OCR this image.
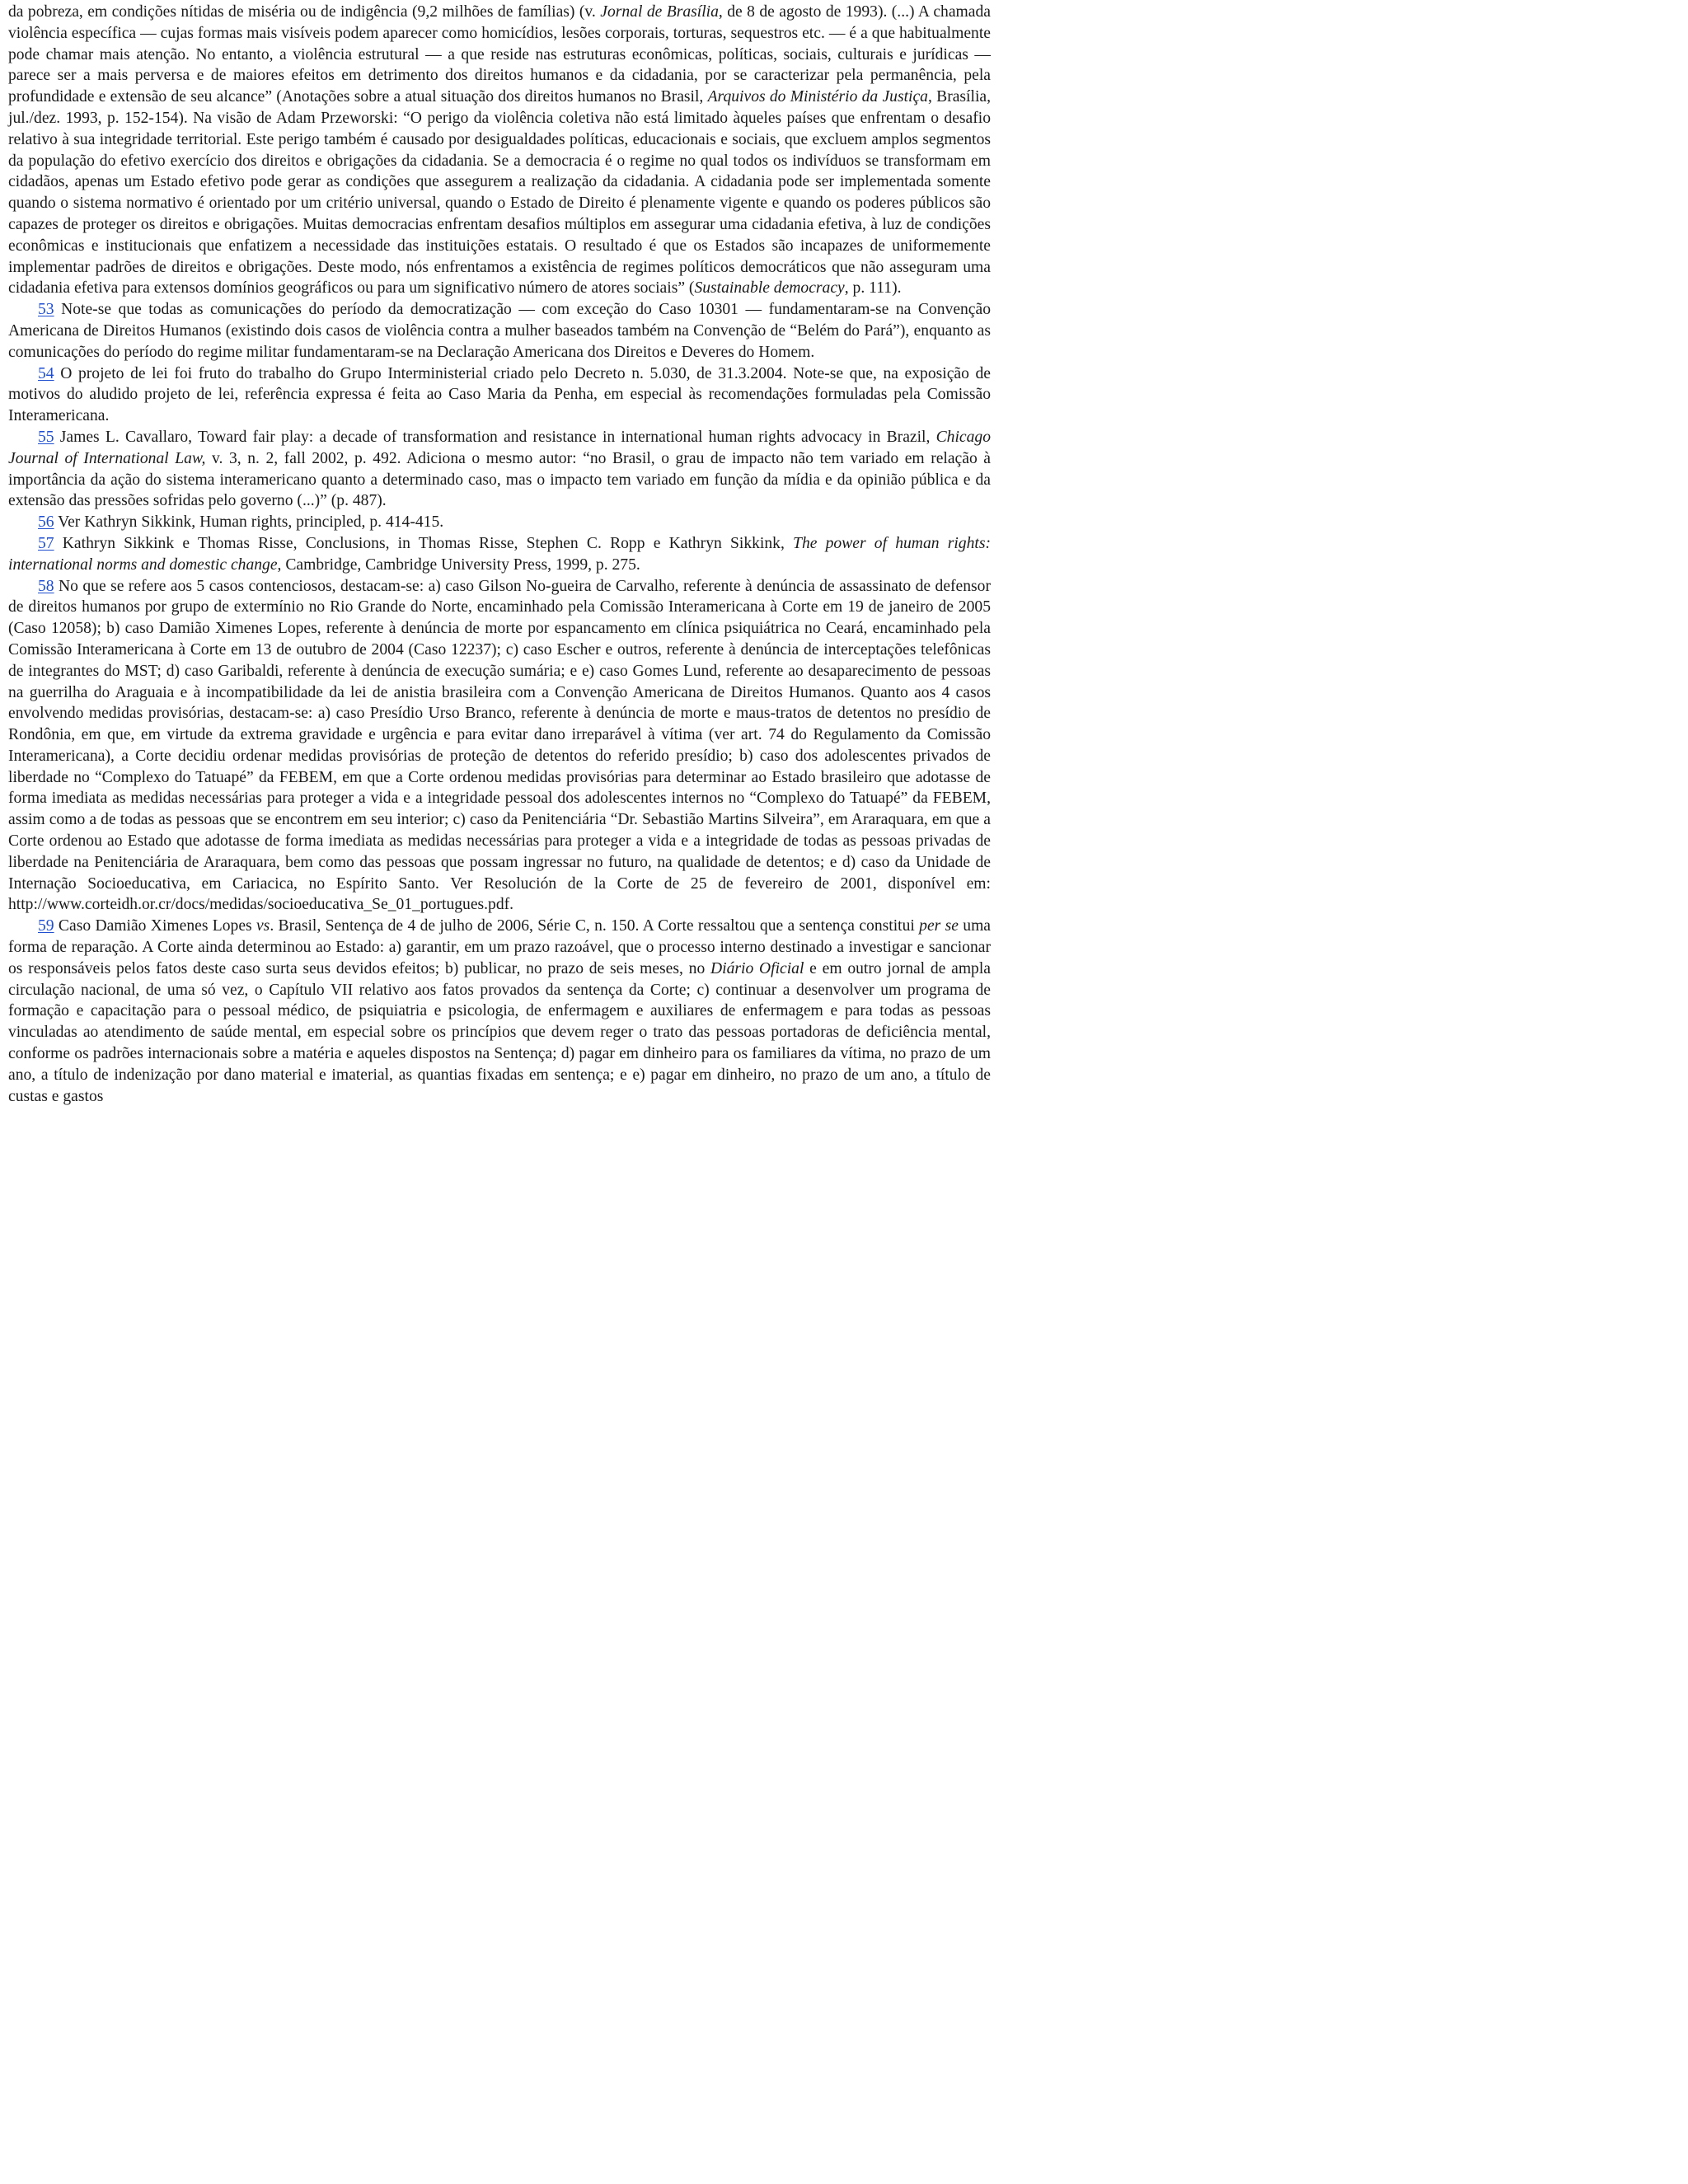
da pobreza, em condições nítidas de miséria ou de indigência (9,2 milhões de famílias) (v. Jornal de Brasília, de 8 de agosto de 1993). (...) A chamada violência específica — cujas formas mais visíveis podem aparecer como homicídios, lesões corporais, torturas, sequestros etc. — é a que habitualmente pode chamar mais atenção. No entanto, a violência estrutural — a que reside nas estruturas econômicas, políticas, sociais, culturais e jurídicas — parece ser a mais perversa e de maiores efeitos em detrimento dos direitos humanos e da cidadania, por se caracterizar pela permanência, pela profundidade e extensão de seu alcance” (Anotações sobre a atual situação dos direitos humanos no Brasil, Arquivos do Ministério da Justiça, Brasília, jul./dez. 1993, p. 152-154). Na visão de Adam Przeworski: “O perigo da violência coletiva não está limitado àqueles países que enfrentam o desafio relativo à sua integridade territorial. Este perigo também é causado por desigualdades políticas, educacionais e sociais, que excluem amplos segmentos da população do efetivo exercício dos direitos e obrigações da cidadania. Se a democracia é o regime no qual todos os indivíduos se transformam em cidadãos, apenas um Estado efetivo pode gerar as condições que assegurem a realização da cidadania. A cidadania pode ser implementada somente quando o sistema normativo é orientado por um critério universal, quando o Estado de Direito é plenamente vigente e quando os poderes públicos são capazes de proteger os direitos e obrigações. Muitas democracias enfrentam desafios múltiplos em assegurar uma cidadania efetiva, à luz de condições econômicas e institucionais que enfatizem a necessidade das instituições estatais. O resultado é que os Estados são incapazes de uniformemente implementar padrões de direitos e obrigações. Deste modo, nós enfrentamos a existência de regimes políticos democráticos que não asseguram uma cidadania efetiva para extensos domínios geográficos ou para um significativo número de atores sociais” (Sustainable democracy, p. 111).

53 Note-se que todas as comunicações do período da democratização — com exceção do Caso 10301 — fundamentaram-se na Convenção Americana de Direitos Humanos (existindo dois casos de violência contra a mulher baseados também na Convenção de “Belém do Pará”), enquanto as comunicações do período do regime militar fundamentaram-se na Declaração Americana dos Direitos e Deveres do Homem.

54 O projeto de lei foi fruto do trabalho do Grupo Interministerial criado pelo Decreto n. 5.030, de 31.3.2004. Note-se que, na exposição de motivos do aludido projeto de lei, referência expressa é feita ao Caso Maria da Penha, em especial às recomendações formuladas pela Comissão Interamericana.

55 James L. Cavallaro, Toward fair play: a decade of transformation and resistance in international human rights advocacy in Brazil, Chicago Journal of International Law, v. 3, n. 2, fall 2002, p. 492. Adiciona o mesmo autor: “no Brasil, o grau de impacto não tem variado em relação à importância da ação do sistema interamericano quanto a determinado caso, mas o impacto tem variado em função da mídia e da opinião pública e da extensão das pressões sofridas pelo governo (...)” (p. 487).

56 Ver Kathryn Sikkink, Human rights, principled, p. 414-415.

57 Kathryn Sikkink e Thomas Risse, Conclusions, in Thomas Risse, Stephen C. Ropp e Kathryn Sikkink, The power of human rights: international norms and domestic change, Cambridge, Cambridge University Press, 1999, p. 275.

58 No que se refere aos 5 casos contenciosos, destacam-se: a) caso Gilson No-gueira de Carvalho, referente à denúncia de assassinato de defensor de direitos humanos por grupo de extermínio no Rio Grande do Norte, encaminhado pela Comissão Interamericana à Corte em 19 de janeiro de 2005 (Caso 12058); b) caso Damião Ximenes Lopes, referente à denúncia de morte por espancamento em clínica psiquiátrica no Ceará, encaminhado pela Comissão Interamericana à Corte em 13 de outubro de 2004 (Caso 12237); c) caso Escher e outros, referente à denúncia de interceptações telefônicas de integrantes do MST; d) caso Garibaldi, referente à denúncia de execução sumária; e e) caso Gomes Lund, referente ao desaparecimento de pessoas na guerrilha do Araguaia e à incompatibilidade da lei de anistia brasileira com a Convenção Americana de Direitos Humanos. Quanto aos 4 casos envolvendo medidas provisórias, destacam-se: a) caso Presídio Urso Branco, referente à denúncia de morte e maus-tratos de detentos no presídio de Rondônia, em que, em virtude da extrema gravidade e urgência e para evitar dano irreparável à vítima (ver art. 74 do Regulamento da Comissão Interamericana), a Corte decidiu ordenar medidas provisórias de proteção de detentos do referido presídio; b) caso dos adolescentes privados de liberdade no “Complexo do Tatuapé” da FEBEM, em que a Corte ordenou medidas provisórias para determinar ao Estado brasileiro que adotasse de forma imediata as medidas necessárias para proteger a vida e a integridade pessoal dos adolescentes internos no “Complexo do Tatuapé” da FEBEM, assim como a de todas as pessoas que se encontrem em seu interior; c) caso da Penitenciária “Dr. Sebastião Martins Silveira”, em Araraquara, em que a Corte ordenou ao Estado que adotasse de forma imediata as medidas necessárias para proteger a vida e a integridade de todas as pessoas privadas de liberdade na Penitenciária de Araraquara, bem como das pessoas que possam ingressar no futuro, na qualidade de detentos; e d) caso da Unidade de Internação Socioeducativa, em Cariacica, no Espírito Santo. Ver Resolución de la Corte de 25 de fevereiro de 2001, disponível em: http://www.corteidh.or.cr/docs/medidas/socioeducativa_Se_01_portugues.pdf.

59 Caso Damião Ximenes Lopes vs. Brasil, Sentença de 4 de julho de 2006, Série C, n. 150. A Corte ressaltou que a sentença constitui per se uma forma de reparação. A Corte ainda determinou ao Estado: a) garantir, em um prazo razoável, que o processo interno destinado a investigar e sancionar os responsáveis pelos fatos deste caso surta seus devidos efeitos; b) publicar, no prazo de seis meses, no Diário Oficial e em outro jornal de ampla circulação nacional, de uma só vez, o Capítulo VII relativo aos fatos provados da sentença da Corte; c) continuar a desenvolver um programa de formação e capacitação para o pessoal médico, de psiquiatria e psicologia, de enfermagem e auxiliares de enfermagem e para todas as pessoas vinculadas ao atendimento de saúde mental, em especial sobre os princípios que devem reger o trato das pessoas portadoras de deficiência mental, conforme os padrões internacionais sobre a matéria e aqueles dispostos na Sentença; d) pagar em dinheiro para os familiares da vítima, no prazo de um ano, a título de indenização por dano material e imaterial, as quantias fixadas em sentença; e e) pagar em dinheiro, no prazo de um ano, a título de custas e gastos
